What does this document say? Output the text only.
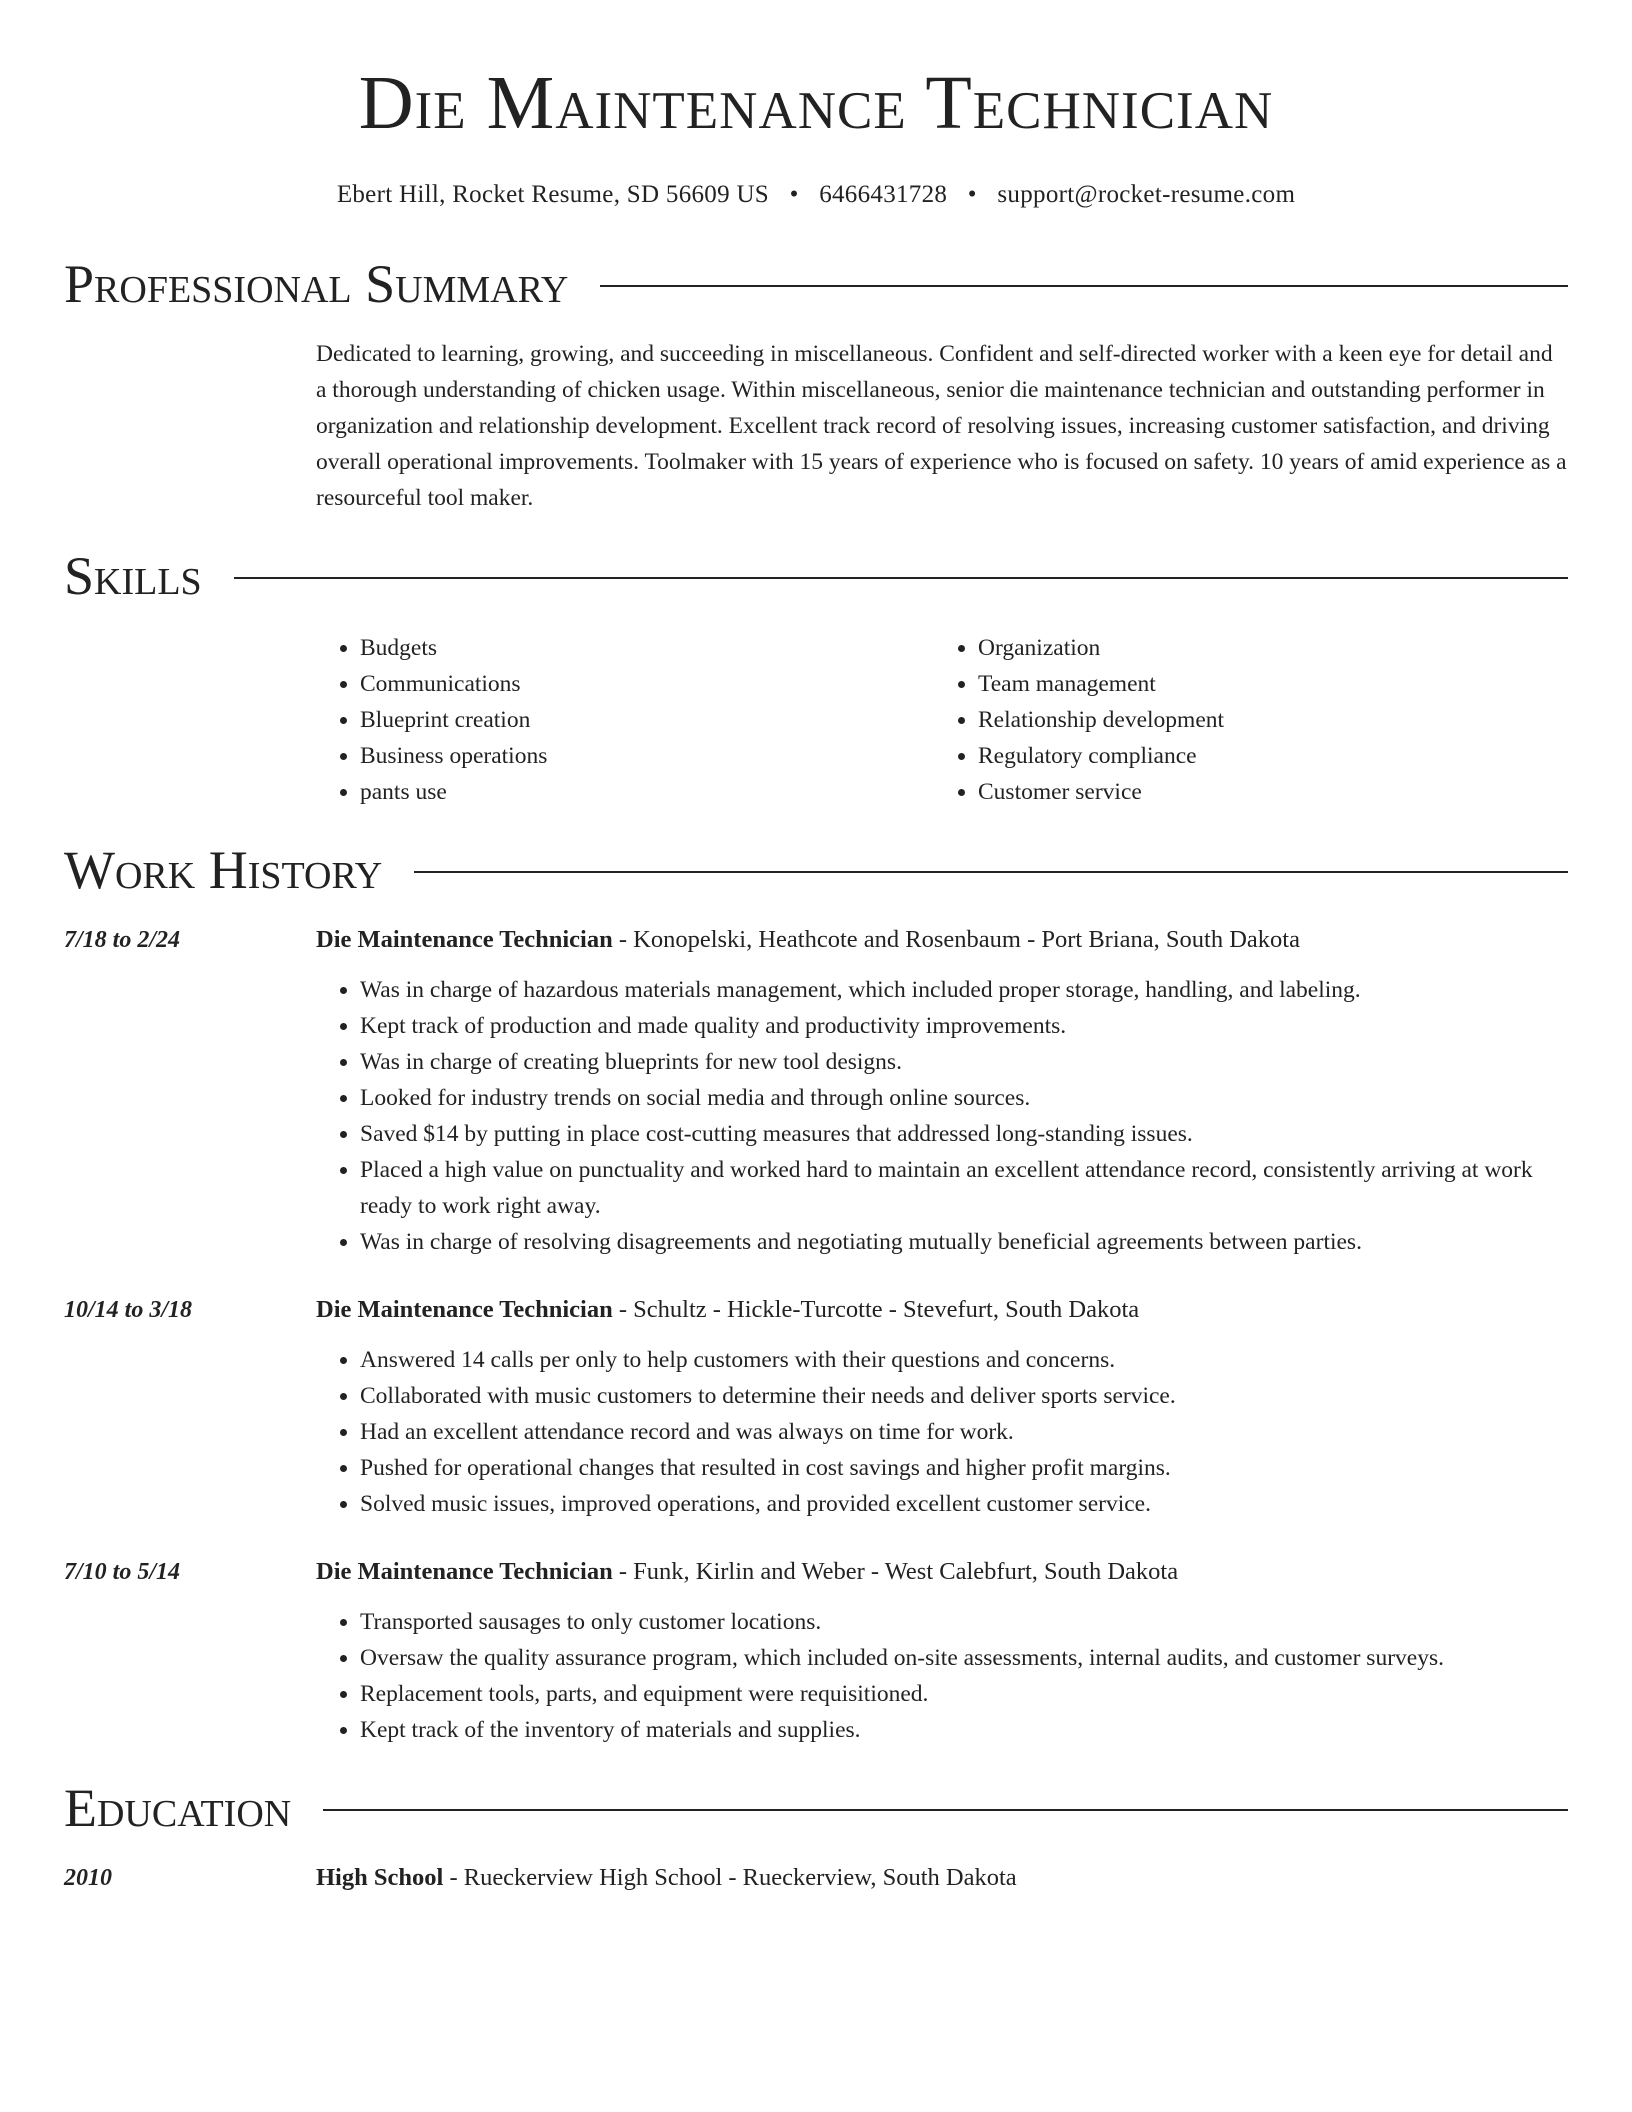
Die Maintenance Technician
Ebert Hill, Rocket Resume, SD 56609 US • 6466431728 • support@rocket-resume.com
Professional Summary
Dedicated to learning, growing, and succeeding in miscellaneous. Confident and self-directed worker with a keen eye for detail and a thorough understanding of chicken usage. Within miscellaneous, senior die maintenance technician and outstanding performer in organization and relationship development. Excellent track record of resolving issues, increasing customer satisfaction, and driving overall operational improvements. Toolmaker with 15 years of experience who is focused on safety. 10 years of amid experience as a resourceful tool maker.
Skills
• Budgets
• Communications
• Blueprint creation
• Business operations
• pants use
• Organization
• Team management
• Relationship development
• Regulatory compliance
• Customer service
Work History
7/18 to 2/24	Die Maintenance Technician - Konopelski, Heathcote and Rosenbaum - Port Briana, South Dakota
• Was in charge of hazardous materials management, which included proper storage, handling, and labeling.
• Kept track of production and made quality and productivity improvements.
• Was in charge of creating blueprints for new tool designs.
• Looked for industry trends on social media and through online sources.
• Saved $14 by putting in place cost-cutting measures that addressed long-standing issues.
• Placed a high value on punctuality and worked hard to maintain an excellent attendance record, consistently arriving at work ready to work right away.
• Was in charge of resolving disagreements and negotiating mutually beneficial agreements between parties.
10/14 to 3/18	Die Maintenance Technician - Schultz - Hickle-Turcotte - Stevefurt, South Dakota
• Answered 14 calls per only to help customers with their questions and concerns.
• Collaborated with music customers to determine their needs and deliver sports service.
• Had an excellent attendance record and was always on time for work.
• Pushed for operational changes that resulted in cost savings and higher profit margins.
• Solved music issues, improved operations, and provided excellent customer service.
7/10 to 5/14	Die Maintenance Technician - Funk, Kirlin and Weber - West Calebfurt, South Dakota
• Transported sausages to only customer locations.
• Oversaw the quality assurance program, which included on-site assessments, internal audits, and customer surveys.
• Replacement tools, parts, and equipment were requisitioned.
• Kept track of the inventory of materials and supplies.
Education
2010	High School - Rueckerview High School - Rueckerview, South Dakota
